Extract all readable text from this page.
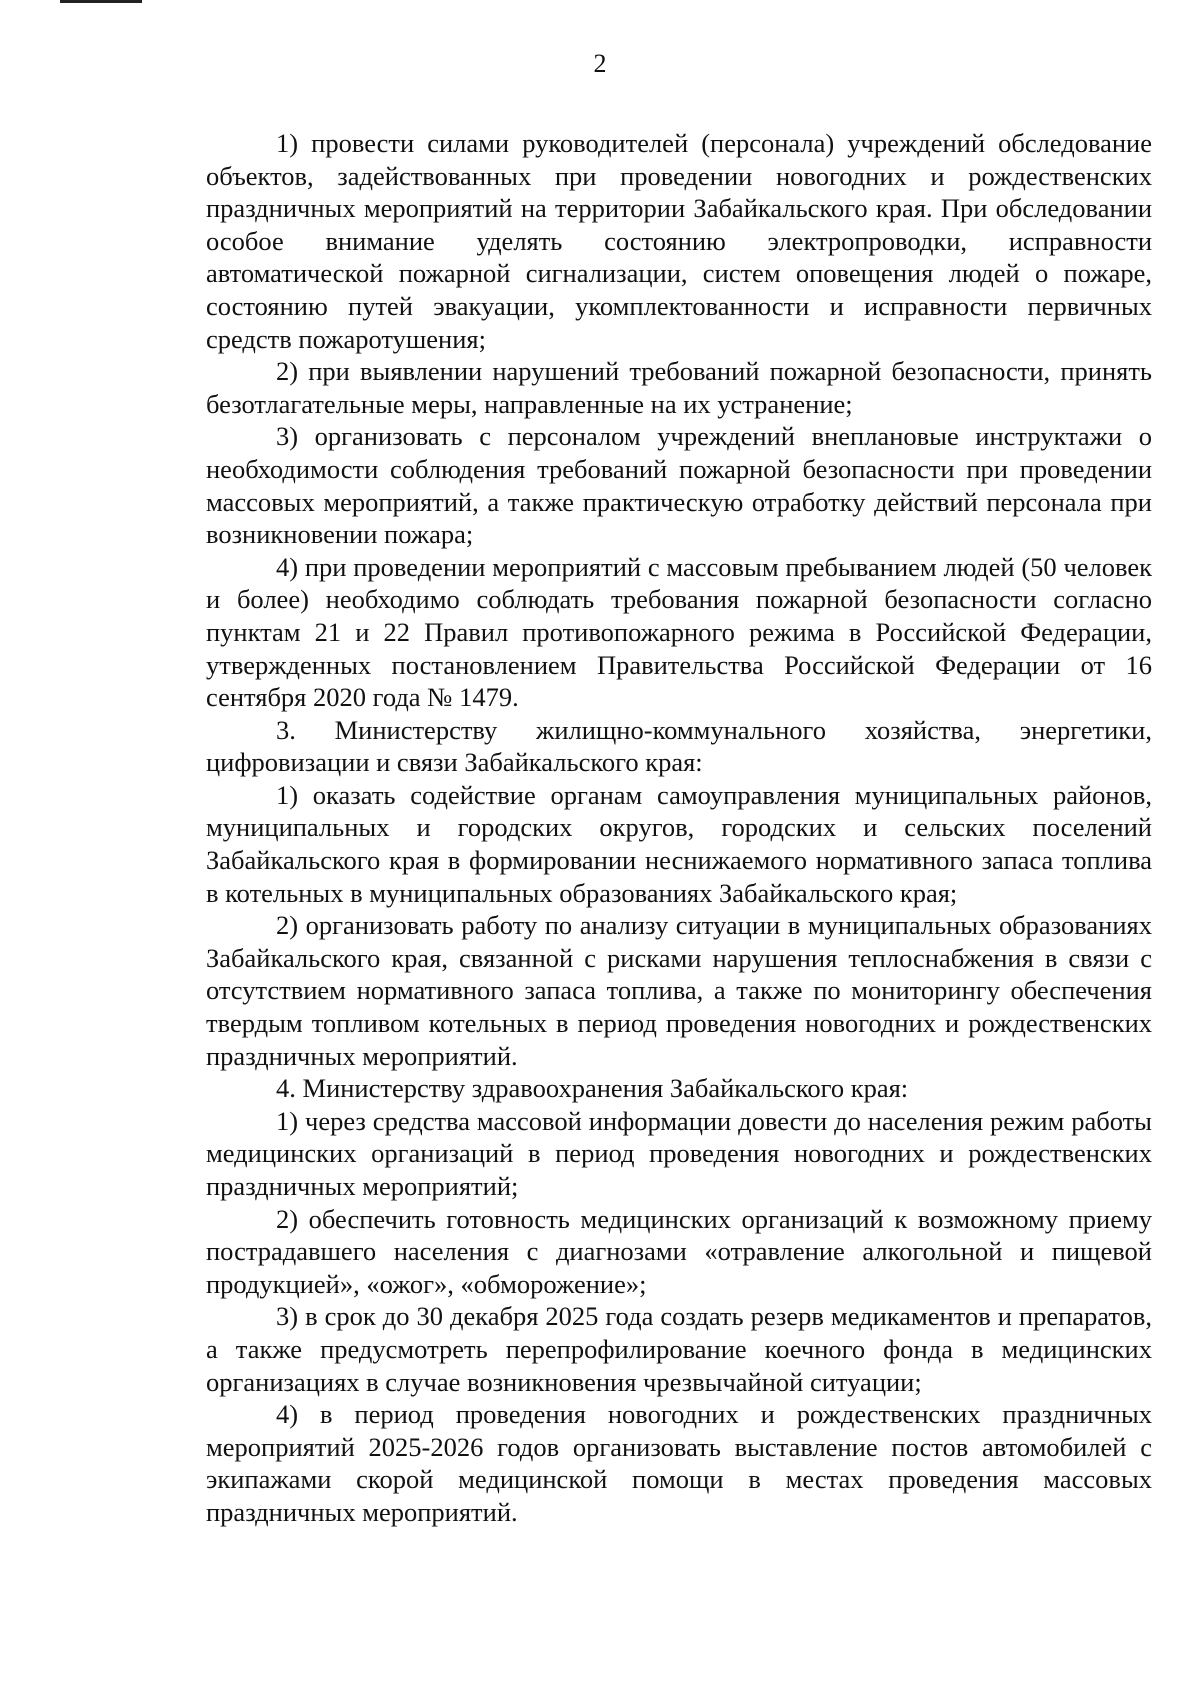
2

1) провести силами руководителей (персонала) учреждений обследование объектов, задействованных при проведении новогодних и рождественских праздничных мероприятий на территории Забайкальского края. При обследовании особое внимание уделять состоянию электропроводки, исправности автоматической пожарной сигнализации, систем оповещения людей о пожаре, состоянию путей эвакуации, укомплектованности и исправности первичных средств пожаротушения;

2) при выявлении нарушений требований пожарной безопасности, принять безотлагательные меры, направленные на их устранение;

3) организовать с персоналом учреждений внеплановые инструктажи о необходимости соблюдения требований пожарной безопасности при проведении массовых мероприятий, а также практическую отработку действий персонала при возникновении пожара;

4) при проведении мероприятий с массовым пребыванием людей (50 человек и более) необходимо соблюдать требования пожарной безопасности согласно пунктам 21 и 22 Правил противопожарного режима в Российской Федерации, утвержденных постановлением Правительства Российской Федерации от 16 сентября 2020 года № 1479.

3. Министерству жилищно-коммунального хозяйства, энергетики, цифровизации и связи Забайкальского края:

1) оказать содействие органам самоуправления муниципальных районов, муниципальных и городских округов, городских и сельских поселений Забайкальского края в формировании неснижаемого нормативного запаса топлива в котельных в муниципальных образованиях Забайкальского края;

2) организовать работу по анализу ситуации в муниципальных образованиях Забайкальского края, связанной с рисками нарушения теплоснабжения в связи с отсутствием нормативного запаса топлива, а также по мониторингу обеспечения твердым топливом котельных в период проведения новогодних и рождественских праздничных мероприятий.

4. Министерству здравоохранения Забайкальского края:

1) через средства массовой информации довести до населения режим работы медицинских организаций в период проведения новогодних и рождественских праздничных мероприятий;

2) обеспечить готовность медицинских организаций к возможному приему пострадавшего населения с диагнозами «отравление алкогольной и пищевой продукцией», «ожог», «обморожение»;

3) в срок до 30 декабря 2025 года создать резерв медикаментов и препаратов, а также предусмотреть перепрофилирование коечного фонда в медицинских организациях в случае возникновения чрезвычайной ситуации;

4) в период проведения новогодних и рождественских праздничных мероприятий 2025-2026 годов организовать выставление постов автомобилей с экипажами скорой медицинской помощи в местах проведения массовых праздничных мероприятий.
